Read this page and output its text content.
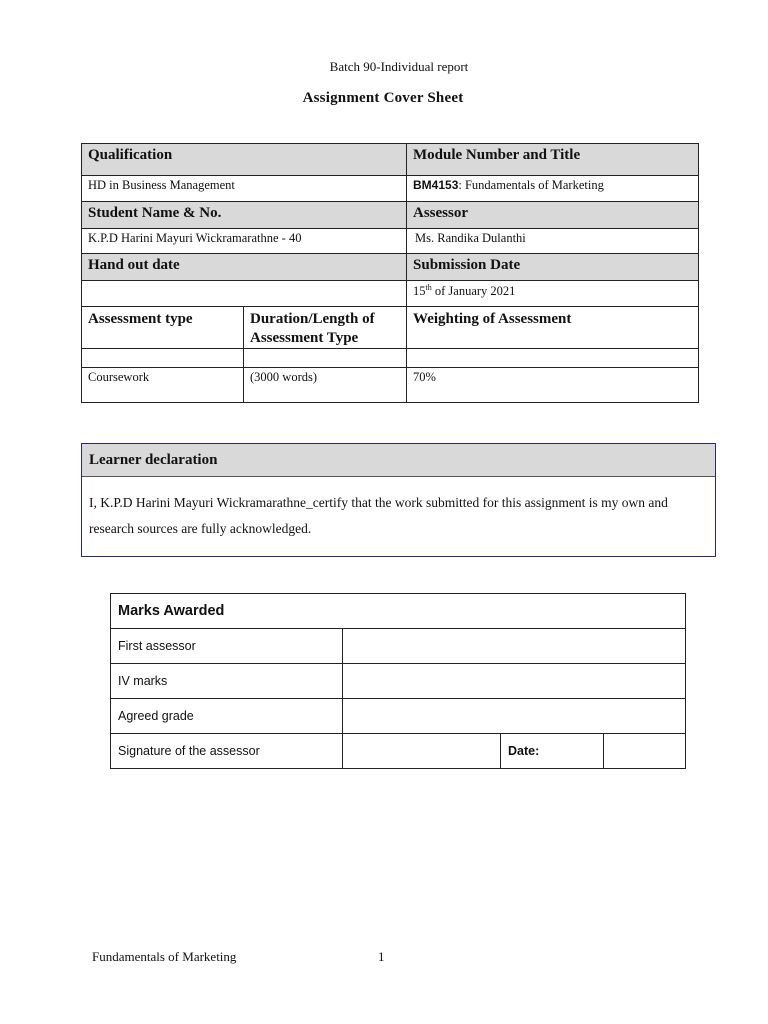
Batch 90-Individual report
Assignment Cover Sheet
Qualification		Module Number and Title
HD in Business Management		BM4153: Fundamentals of Marketing
Student Name & No.		Assessor
K.P.D Harini Mayuri Wickramarathne - 40		Ms. Randika Dulanthi
Hand out date		Submission Date
		15th of January 2021
Assessment type	Duration/Length of Assessment Type	Weighting of Assessment

Coursework	(3000 words)	70%
Learner declaration
I, K.P.D Harini Mayuri Wickramarathne_certify that the work submitted for this assignment is my own and research sources are fully acknowledged.
Marks Awarded			
First assessor			
IV marks			
Agreed grade			
Signature of the assessor		Date:	
Fundamentals of Marketing	1
